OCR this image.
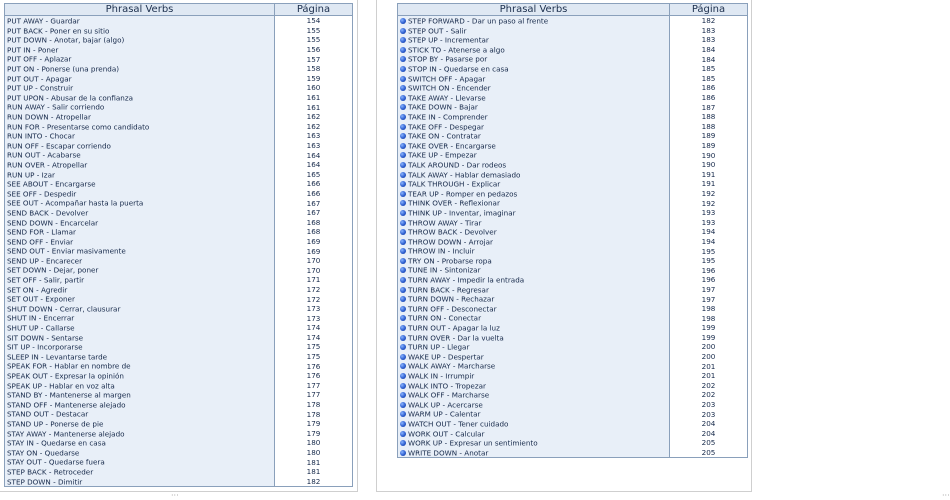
Phrasal Verbs	Página
PUT AWAY - Guardar	154
PUT BACK - Poner en su sitio	155
PUT DOWN - Anotar, bajar (algo)	155
PUT IN - Poner	156
PUT OFF - Aplazar	157
PUT ON - Ponerse (una prenda)	158
PUT OUT - Apagar	159
PUT UP - Construir	160
PUT UPON - Abusar de la confianza	161
RUN AWAY - Salir corriendo	161
RUN DOWN - Atropellar	162
RUN FOR - Presentarse como candidato	162
RUN INTO - Chocar	163
RUN OFF - Escapar corriendo	163
RUN OUT - Acabarse	164
RUN OVER - Atropellar	164
RUN UP - Izar	165
SEE ABOUT - Encargarse	166
SEE OFF - Despedir	166
SEE OUT - Acompañar hasta la puerta	167
SEND BACK - Devolver	167
SEND DOWN - Encarcelar	168
SEND FOR - Llamar	168
SEND OFF - Enviar	169
SEND OUT - Enviar masivamente	169
SEND UP - Encarecer	170
SET DOWN - Dejar, poner	170
SET OFF - Salir, partir	171
SET ON - Agredir	172
SET OUT - Exponer	172
SHUT DOWN - Cerrar, clausurar	173
SHUT IN - Encerrar	173
SHUT UP - Callarse	174
SIT DOWN - Sentarse	174
SIT UP - Incorporarse	175
SLEEP IN - Levantarse tarde	175
SPEAK FOR - Hablar en nombre de	176
SPEAK OUT - Expresar la opinión	176
SPEAK UP - Hablar en voz alta	177
STAND BY - Mantenerse al margen	177
STAND OFF - Mantenerse alejado	178
STAND OUT - Destacar	178
STAND UP - Ponerse de pie	179
STAY AWAY - Mantenerse alejado	179
STAY IN - Quedarse en casa	180
STAY ON - Quedarse	180
STAY OUT - Quedarse fuera	181
STEP BACK - Retroceder	181
STEP DOWN - Dimitir	182
···
Phrasal Verbs	Página
STEP FORWARD - Dar un paso al frente	182
STEP OUT - Salir	183
STEP UP - Incrementar	183
STICK TO - Atenerse a algo	184
STOP BY - Pasarse por	184
STOP IN - Quedarse en casa	185
SWITCH OFF - Apagar	185
SWITCH ON - Encender	186
TAKE AWAY - Llevarse	186
TAKE DOWN - Bajar	187
TAKE IN - Comprender	188
TAKE OFF - Despegar	188
TAKE ON - Contratar	189
TAKE OVER - Encargarse	189
TAKE UP - Empezar	190
TALK AROUND - Dar rodeos	190
TALK AWAY - Hablar demasiado	191
TALK THROUGH - Explicar	191
TEAR UP - Romper en pedazos	192
THINK OVER - Reflexionar	192
THINK UP - Inventar, imaginar	193
THROW AWAY - Tirar	193
THROW BACK - Devolver	194
THROW DOWN - Arrojar	194
THROW IN - Incluir	195
TRY ON - Probarse ropa	195
TUNE IN - Sintonizar	196
TURN AWAY - Impedir la entrada	196
TURN BACK - Regresar	197
TURN DOWN - Rechazar	197
TURN OFF - Desconectar	198
TURN ON - Conectar	198
TURN OUT - Apagar la luz	199
TURN OVER - Dar la vuelta	199
TURN UP - Llegar	200
WAKE UP - Despertar	200
WALK AWAY - Marcharse	201
WALK IN - Irrumpir	201
WALK INTO - Tropezar	202
WALK OFF - Marcharse	202
WALK UP - Acercarse	203
WARM UP - Calentar	203
WATCH OUT - Tener cuidado	204
WORK OUT - Calcular	204
WORK UP - Expresar un sentimiento	205
WRITE DOWN - Anotar	205
···
